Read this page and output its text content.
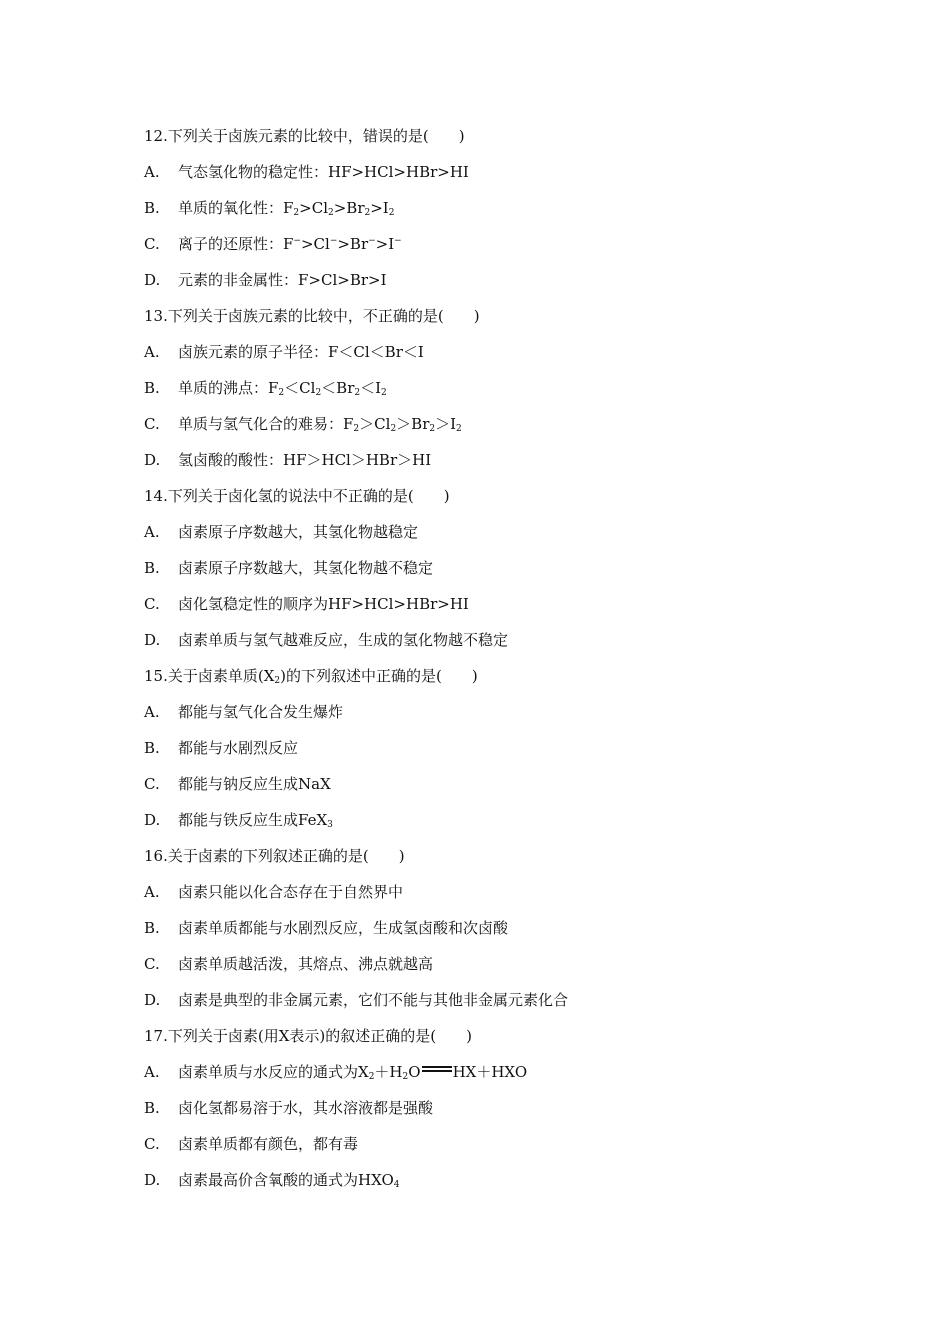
12.下列关于卤族元素的比较中，错误的是( )
A. 气态氢化物的稳定性：HF>HCl>HBr>HI
B. 单质的氧化性：$F_2>Cl_2>Br_2>I_2$
C. 离子的还原性：F−>Cl−>Br−>I−
D. 元素的非金属性：F>Cl>Br>I
13.下列关于卤族元素的比较中，不正确的是( )
A. 卤族元素的原子半径：F＜Cl＜Br＜I
B. 单质的沸点：$F_2<Cl_2<Br_2<I_2$
C. 单质与氢气化合的难易：$F_2>Cl_2>Br_2>I_2$
D. 氢卤酸的酸性：HF＞HCl＞HBr＞HI
14.下列关于卤化氢的说法中不正确的是( )
A. 卤素原子序数越大，其氢化物越稳定
B. 卤素原子序数越大，其氢化物越不稳定
C. 卤化氢稳定性的顺序为HF>HCl>HBr>HI
D. 卤素单质与氢气越难反应，生成的氢化物越不稳定
15.关于卤素单质$(X_2)$的下列叙述中正确的是( )
A. 都能与氢气化合发生爆炸
B. 都能与水剧烈反应
C. 都能与钠反应生成NaX
D. 都能与铁反应生成FeX$_3$
16.关于卤素的下列叙述正确的是( )
A. 卤素只能以化合态存在于自然界中
B. 卤素单质都能与水剧烈反应，生成氢卤酸和次卤酸
C. 卤素单质越活泼，其熔点、沸点就越高
D. 卤素是典型的非金属元素，它们不能与其他非金属元素化合
17.下列关于卤素(用X表示)的叙述正确的是( )
A. 卤素单质与水反应的通式为$X_2+H_2O$ HX＋HXO
B. 卤化氢都易溶于水，其水溶液都是强酸
C. 卤素单质都有颜色，都有毒
D. 卤素最高价含氧酸的通式为$HXO_4$
